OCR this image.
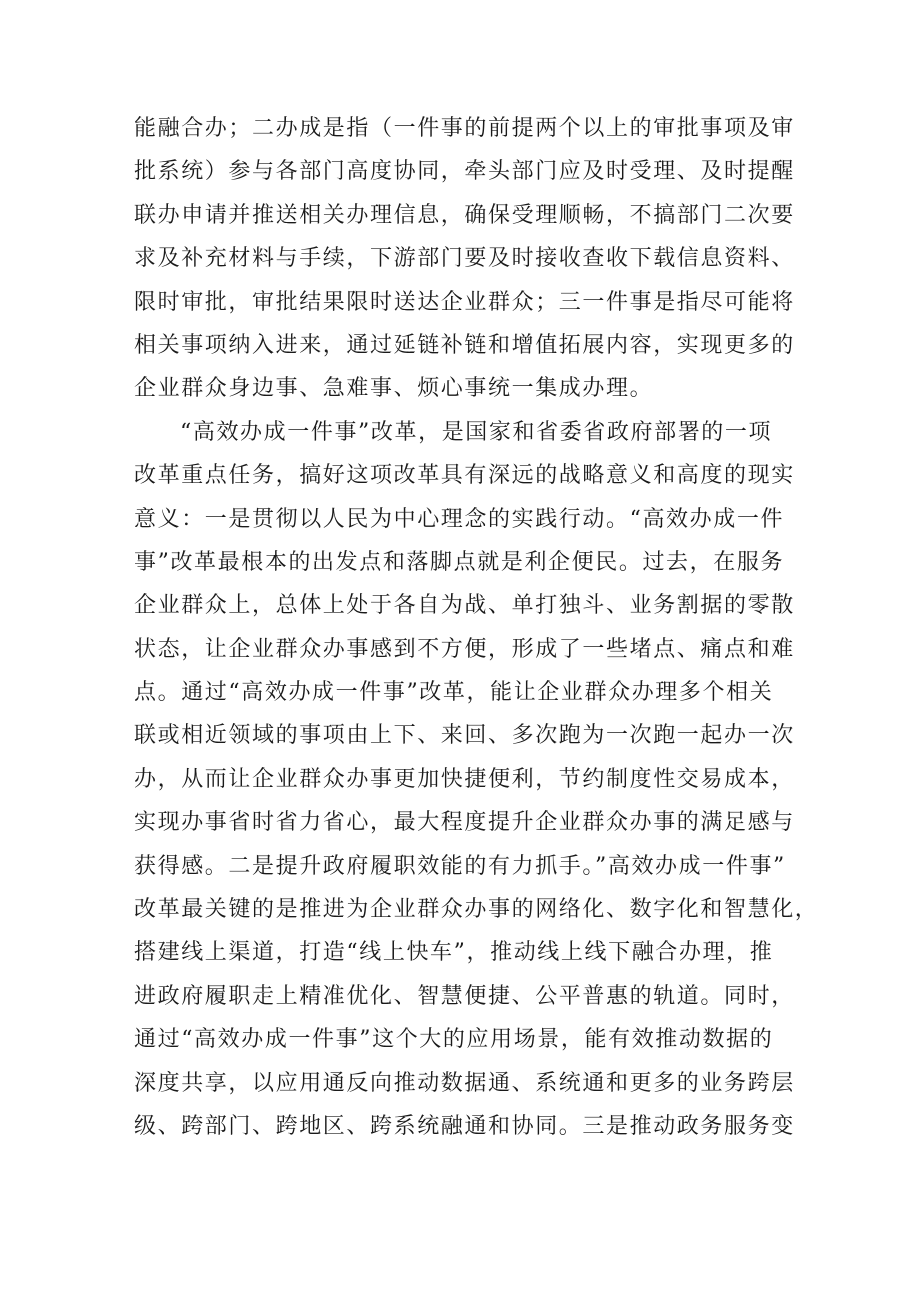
能融合办；二办成是指（一件事的前提两个以上的审批事项及审
批系统）参与各部门高度协同，牵头部门应及时受理、及时提醒
联办申请并推送相关办理信息，确保受理顺畅，不搞部门二次要
求及补充材料与手续，下游部门要及时接收查收下载信息资料、
限时审批，审批结果限时送达企业群众；三一件事是指尽可能将
相关事项纳入进来，通过延链补链和增值拓展内容，实现更多的
企业群众身边事、急难事、烦心事统一集成办理。
“高效办成一件事”改革，是国家和省委省政府部署的一项
改革重点任务，搞好这项改革具有深远的战略意义和高度的现实
意义：一是贯彻以人民为中心理念的实践行动。“高效办成一件
事”改革最根本的出发点和落脚点就是利企便民。过去，在服务
企业群众上，总体上处于各自为战、单打独斗、业务割据的零散
状态，让企业群众办事感到不方便，形成了一些堵点、痛点和难
点。通过“高效办成一件事”改革，能让企业群众办理多个相关
联或相近领域的事项由上下、来回、多次跑为一次跑一起办一次
办，从而让企业群众办事更加快捷便利，节约制度性交易成本，
实现办事省时省力省心，最大程度提升企业群众办事的满足感与
获得感。二是提升政府履职效能的有力抓手。”高效办成一件事”
改革最关键的是推进为企业群众办事的网络化、数字化和智慧化，
搭建线上渠道，打造“线上快车”，推动线上线下融合办理，推
进政府履职走上精准优化、智慧便捷、公平普惠的轨道。同时，
通过“高效办成一件事”这个大的应用场景，能有效推动数据的
深度共享，以应用通反向推动数据通、系统通和更多的业务跨层
级、跨部门、跨地区、跨系统融通和协同。三是推动政务服务变
